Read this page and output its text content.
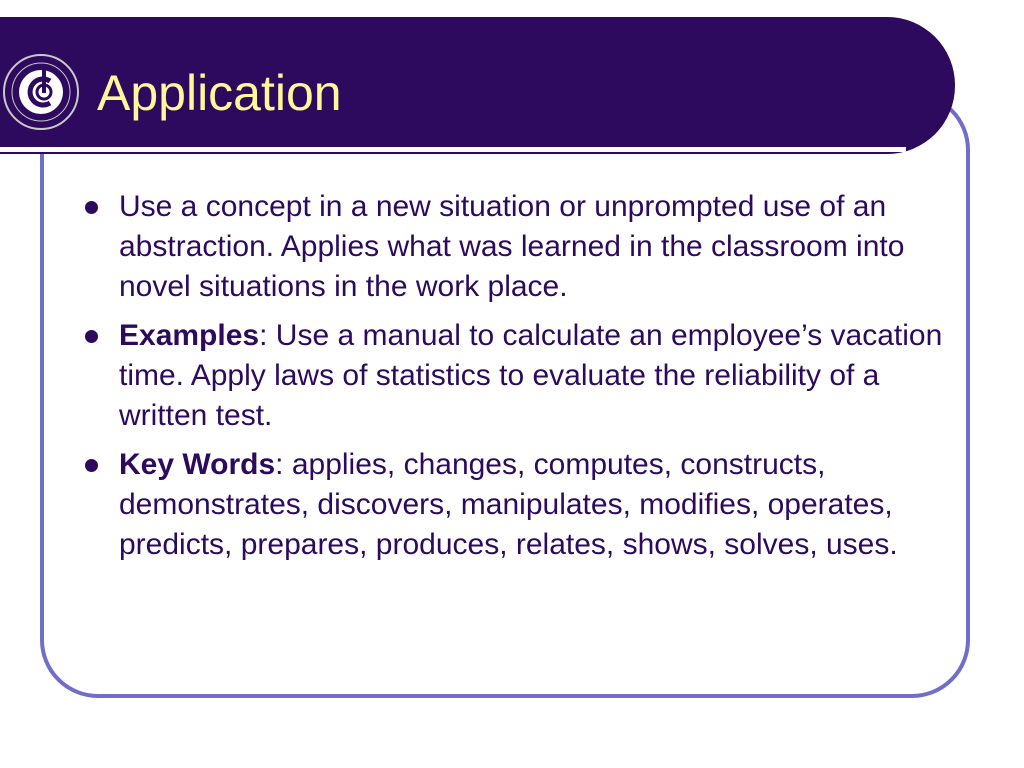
Application
Use a concept in a new situation or unprompted use of an abstraction. Applies what was learned in the classroom into novel situations in the work place.
Examples: Use a manual to calculate an employee’s vacation time. Apply laws of statistics to evaluate the reliability of a written test.
Key Words: applies, changes, computes, constructs, demonstrates, discovers, manipulates, modifies, operates, predicts, prepares, produces, relates, shows, solves, uses.
